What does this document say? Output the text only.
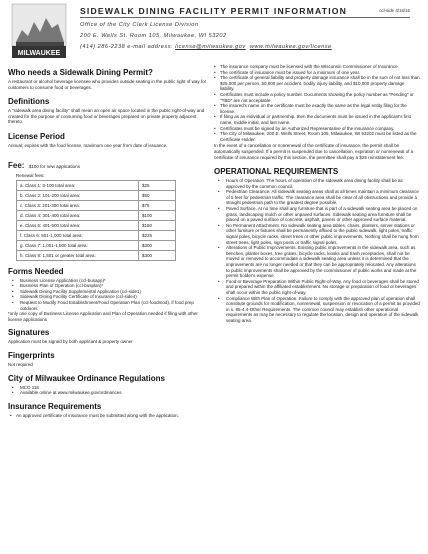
MILWAUKEE
SIDEWALK DINING FACILITY PERMIT INFORMATION	ccl-side 4/16/15
Office of the City Clerk License Division
200 E. Wells St. Room 105, Milwaukee, WI 53202
(414) 286-2238 e-mail address: license@milwaukee.gov www.milwaukee.gov/license
Who needs a Sidewalk Dining Permit?

A restaurant or alcohol beverage licensee who provides outside seating in the public right of way for customers to consume food or beverages.

Definitions

A "sidewalk area dining facility" shall mean an open air space located in the public right-of-way and created for the purpose of consuming food or beverages prepared on private property adjacent thereto.

License Period

Annual; expires with the food license, maximum one year from date of issuance.

Fee: $100 for new applications
Renewal fees:
a. Class 1: 0-100 total area:	$25
b. Class 2: 101-200 total area:	$50
c. Class 3: 201-300 total area:	$75
d. Class 4: 301-400 total area:	$100
e. Class 5: 401-500 total area:	$150
f. Class 6: 501-1,000 total area:	$225
g. Class 7: 1,001-1,500 total area:	$300
h. Class 8: 1,501 or greater total area:	$300
Forms Needed
• Business License Application (ccl-busapp)*
• Business Plan of Operation (ccl-busplan)*
• Sidewalk Dining Facility Supplemental Application (ccl-side1)
• Sidewalk Dining Facility Certificate of Insurance (ccl-side4)
• Request to Modify Food Establishment/Food Operation Plan (ccl-foodmod), if food prep outdoors

*only one copy of Business License Application and Plan of Operation needed if filing with other license applications

Signatures

Application must be signed by both applicant & property owner

Fingerprints

Not required

City of Milwaukee Ordinance Regulations
• MCO 115
• Available online at www.milwaukee.gov/ordinances
Insurance Requirements
• An approved certificate of insurance must be submitted along with the application.
• The insurance company must be licensed with the Wisconsin Commissioner of Insurance.
• The certificate of insurance must be issued for a minimum of one year.
• The certificate of general liability and property damage insurance shall be in the sum of not less than $25,000 per person, 50,000 per accident, bodily injury liability, and $10,000 property damage liability.
• Certificates must include a policy number. Documents showing the policy number as "Pending" or "TBD" are not acceptable.
• The insured's name on the certificate must be exactly the same as the legal entity filing for the license.
• If filing as an individual or partnership, then the documents must be issued in the applicant's first name, middle initial, and last name.
• Certificates must be signed by an Authorized Representative of the insurance company.
• The City of Milwaukee, 200 E. Wells Street, Room 105, Milwaukee, WI 53202 must be listed as the Certificate Holder.

In the event of a cancellation or nonrenewal of the certificate of insurance, the permit shall be automatically suspended. If a permit is suspended due to cancellation, expiration or nonrenewal of a certificate of insurance required by this section, the permittee shall pay a $25 reinstatement fee.

OPERATIONAL REQUIREMENTS
• Hours of Operation. The hours of operation of the sidewalk area dining facility shall be as approved by the common council.
• Pedestrian Clearance. All sidewalk seating areas shall at all times maintain a minimum clearance of 5 feet for pedestrian traffic. The clearance area shall be clear of all obstructions and provide a straight pedestrian path to the greatest degree possible.
• Paved Surface. At no time shall any furniture that is part of a sidewalk seating area be placed on grass, landscaping mulch or other unpaved surfaces. Sidewalk seating area furniture shall be placed on a paved surface of concrete, asphalt, pavers or other approved surface material.
• No Permanent Attachment. No sidewalk seating area tables, chairs, planters, server stations or other furniture or fixtures shall be permanently affixed to the public sidewalk, light poles, traffic signal poles, bicycle racks, street trees or other public improvements. Nothing shall be hung from street trees, light poles, sign posts or traffic signal poles.
• Alterations of Public Improvements. Existing public improvements in the sidewalk area, such as benches, planter boxes, tree grates, bicycle racks, kiosks and trash receptacles, shall not be moved or removed to accommodate a sidewalk seating area unless it is determined that the improvements are no longer needed or that they can be appropriately relocated. Any alterations to public improvements shall be approved by the commissioner of public works and made at the permit holder's expense.
• Food or Beverage Preparation Within Public Right-of-Way. Any food or beverages shall be stored and prepared within the affiliated establishment. No storage or preparation of food or beverages shall occur within the public right-of-way.
• Compliance With Plan of Operation. Failure to comply with the approved plan of operation shall constitute grounds for modification, nonrenewal, suspension or revocation of a permit as provided in s. 85-4.4-Other Requirements. The common council may establish other operational requirements as may be necessary to regulate the location, design and operation of the sidewalk seating area.
